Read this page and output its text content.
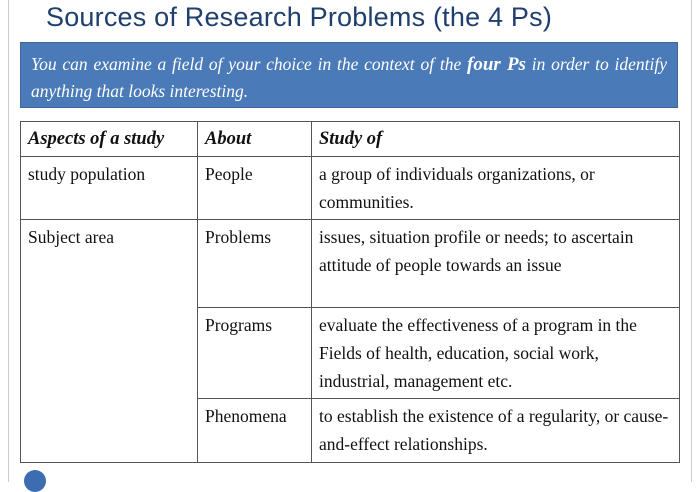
Sources of Research Problems (the 4 Ps)
You can examine a field of your choice in the context of the four Ps in order to identify anything that looks interesting.
Aspects of a study	About	Study of
study population	People	a group of individuals organizations, or communities.
Subject area	Problems	issues, situation profile or needs; to ascertain attitude of people towards an issue
	Programs	evaluate the effectiveness of a program in the Fields of health, education, social work, industrial, management etc.
	Phenomena	to establish the existence of a regularity, or cause-and-effect relationships.
